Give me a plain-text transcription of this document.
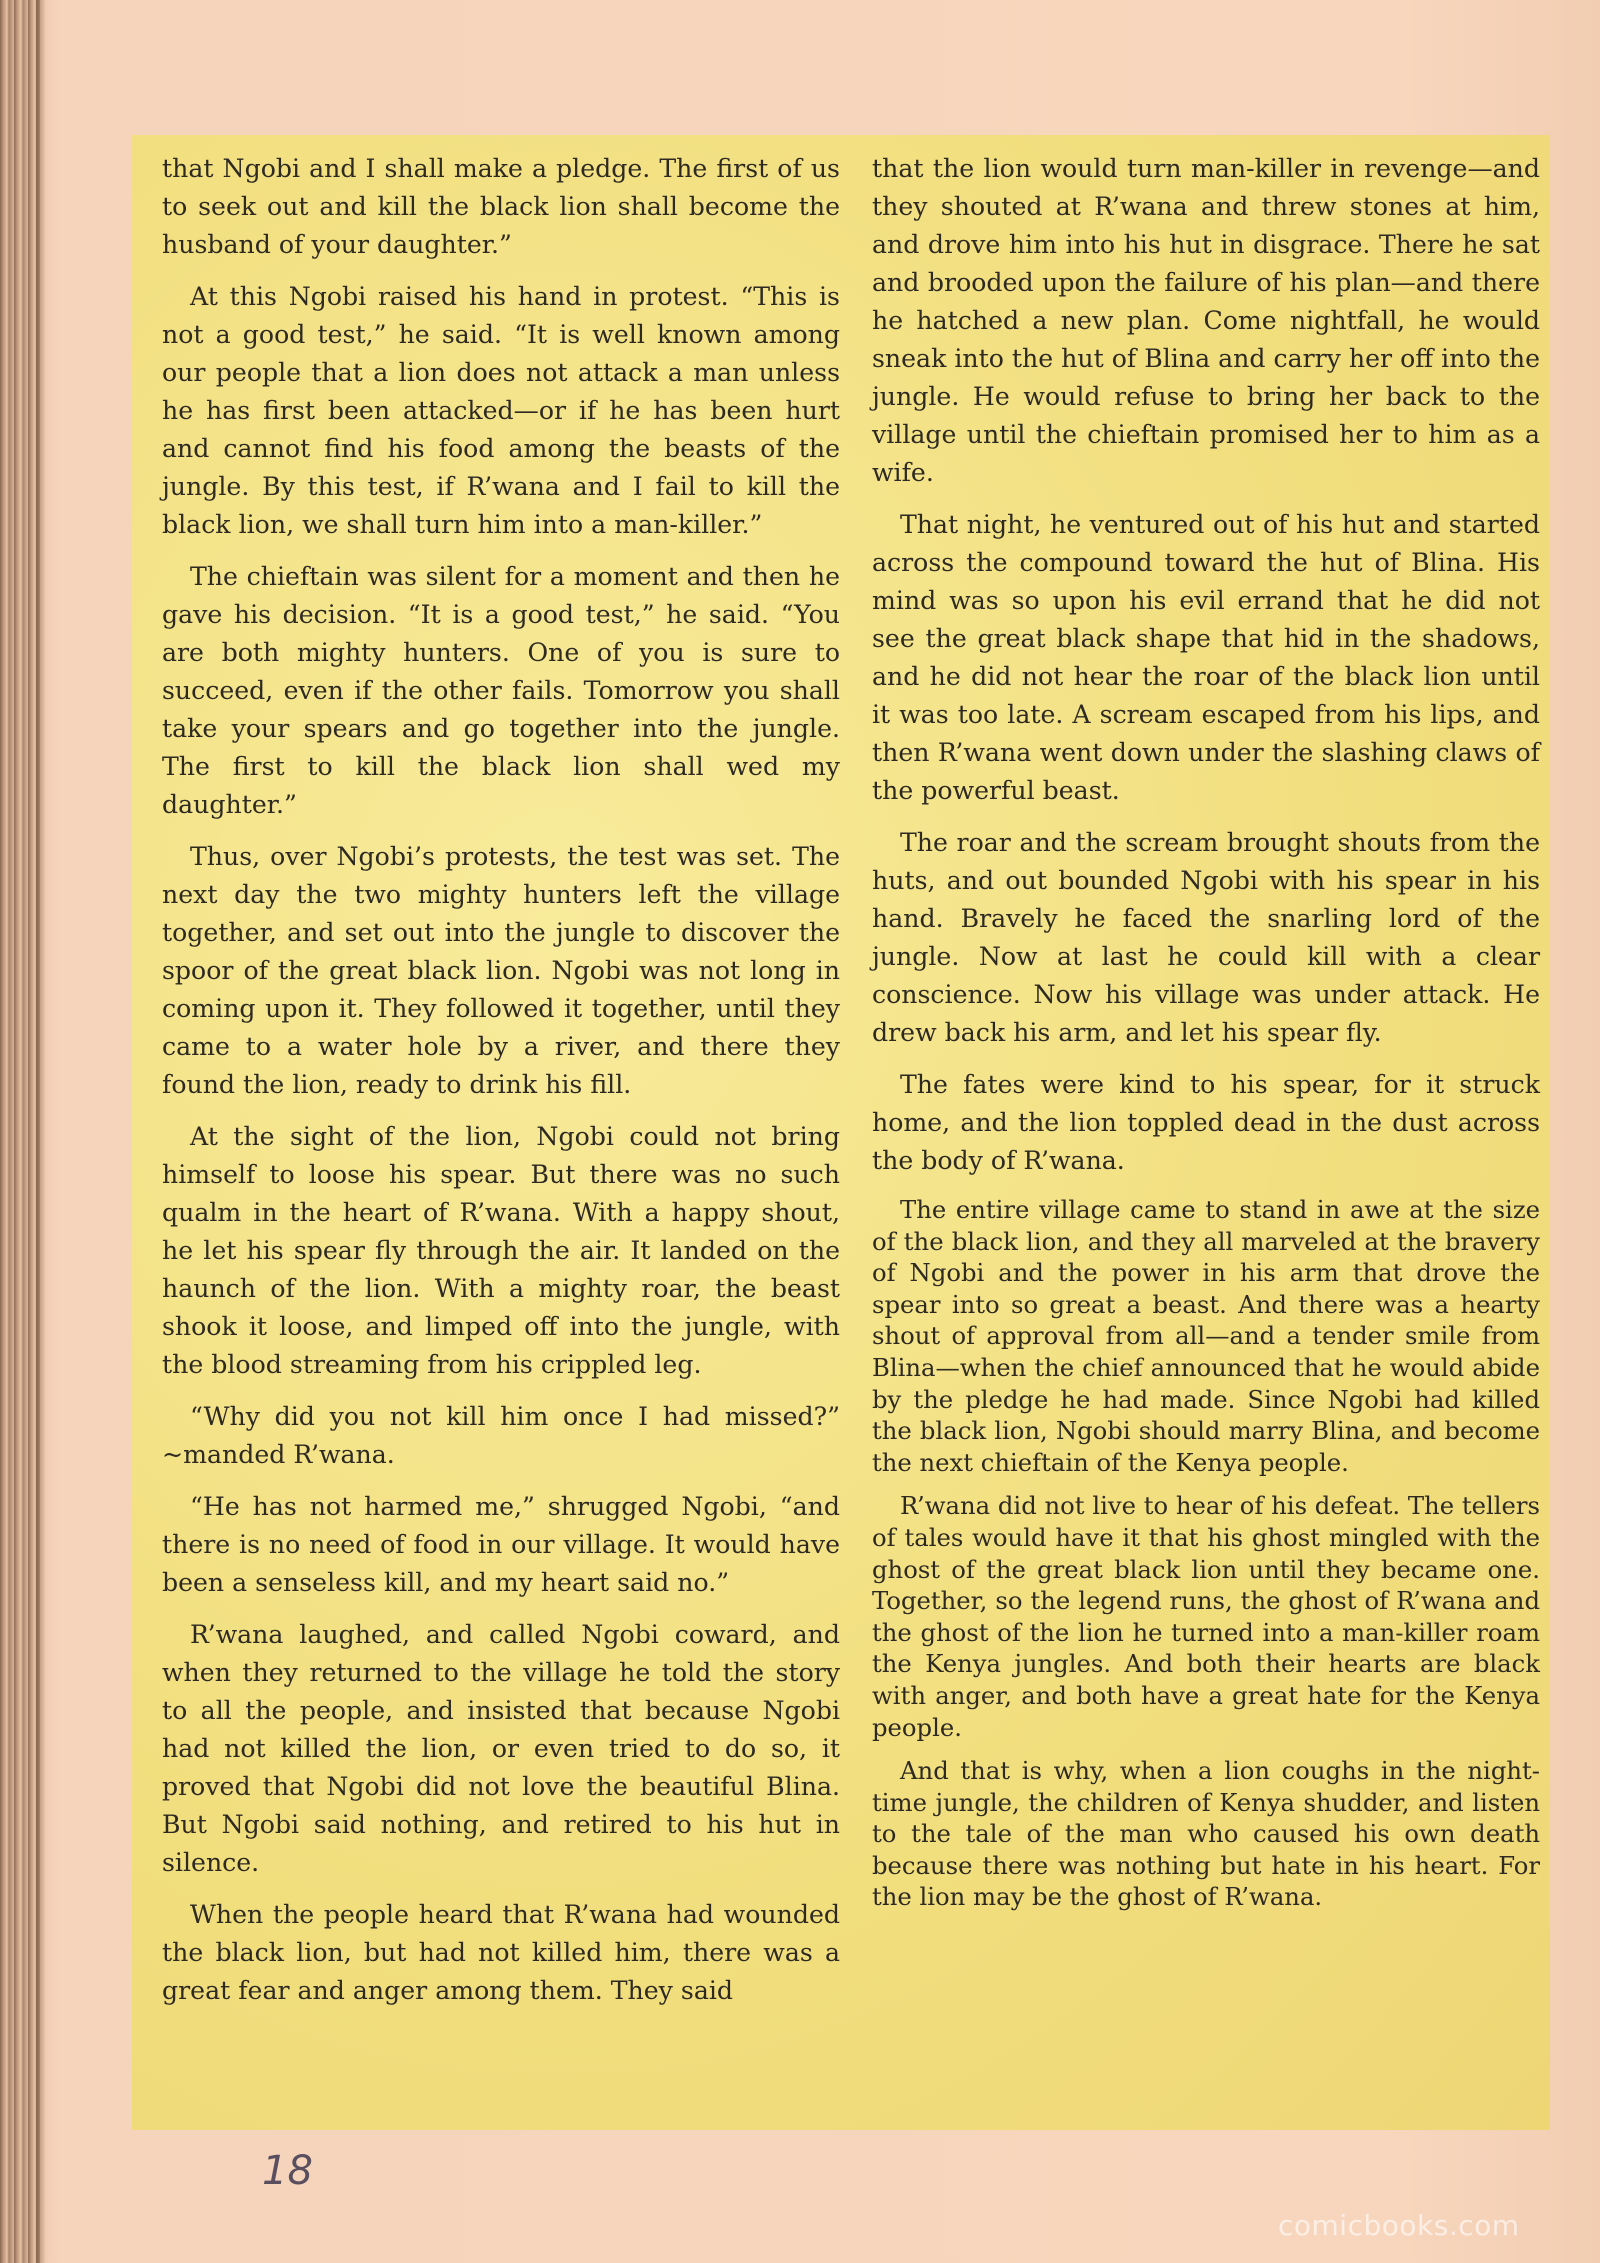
that Ngobi and I shall make a pledge. The first of us to seek out and kill the black lion shall become the husband of your daughter.”

At this Ngobi raised his hand in protest. “This is not a good test,” he said. “It is well known among our people that a lion does not attack a man unless he has first been attacked—or if he has been hurt and cannot find his food among the beasts of the jungle. By this test, if R’wana and I fail to kill the black lion, we shall turn him into a man-killer.”

The chieftain was silent for a moment and then he gave his decision. “It is a good test,” he said. “You are both mighty hunters. One of you is sure to succeed, even if the other fails. Tomorrow you shall take your spears and go together into the jungle. The first to kill the black lion shall wed my daughter.”

Thus, over Ngobi’s protests, the test was set. The next day the two mighty hunters left the village together, and set out into the jungle to discover the spoor of the great black lion. Ngobi was not long in coming upon it. They followed it together, until they came to a water hole by a river, and there they found the lion, ready to drink his fill.

At the sight of the lion, Ngobi could not bring himself to loose his spear. But there was no such qualm in the heart of R’wana. With a happy shout, he let his spear fly through the air. It landed on the haunch of the lion. With a mighty roar, the beast shook it loose, and limped off into the jungle, with the blood streaming from his crippled leg.

“Why did you not kill him once I had missed?” ~manded R’wana.

“He has not harmed me,” shrugged Ngobi, “and there is no need of food in our village. It would have been a senseless kill, and my heart said no.”

R’wana laughed, and called Ngobi coward, and when they returned to the village he told the story to all the people, and insisted that because Ngobi had not killed the lion, or even tried to do so, it proved that Ngobi did not love the beautiful Blina. But Ngobi said nothing, and retired to his hut in silence.

When the people heard that R’wana had wounded the black lion, but had not killed him, there was a great fear and anger among them. They said

that the lion would turn man-killer in revenge—and they shouted at R’wana and threw stones at him, and drove him into his hut in disgrace. There he sat and brooded upon the failure of his plan—and there he hatched a new plan. Come nightfall, he would sneak into the hut of Blina and carry her off into the jungle. He would refuse to bring her back to the village until the chieftain promised her to him as a wife.

That night, he ventured out of his hut and started across the compound toward the hut of Blina. His mind was so upon his evil errand that he did not see the great black shape that hid in the shadows, and he did not hear the roar of the black lion until it was too late. A scream escaped from his lips, and then R’wana went down under the slashing claws of the powerful beast.

The roar and the scream brought shouts from the huts, and out bounded Ngobi with his spear in his hand. Bravely he faced the snarling lord of the jungle. Now at last he could kill with a clear conscience. Now his village was under attack. He drew back his arm, and let his spear fly.

The fates were kind to his spear, for it struck home, and the lion toppled dead in the dust across the body of R’wana.

The entire village came to stand in awe at the size of the black lion, and they all marveled at the bravery of Ngobi and the power in his arm that drove the spear into so great a beast. And there was a hearty shout of approval from all—and a tender smile from Blina—when the chief announced that he would abide by the pledge he had made. Since Ngobi had killed the black lion, Ngobi should marry Blina, and become the next chieftain of the Kenya people.

R’wana did not live to hear of his defeat. The tellers of tales would have it that his ghost mingled with the ghost of the great black lion until they became one. Together, so the legend runs, the ghost of R’wana and the ghost of the lion he turned into a man-killer roam the Kenya jungles. And both their hearts are black with anger, and both have a great hate for the Kenya people.

And that is why, when a lion coughs in the night-time jungle, the children of Kenya shudder, and listen to the tale of the man who caused his own death because there was nothing but hate in his heart. For the lion may be the ghost of R’wana.

18
comicbooks.com
